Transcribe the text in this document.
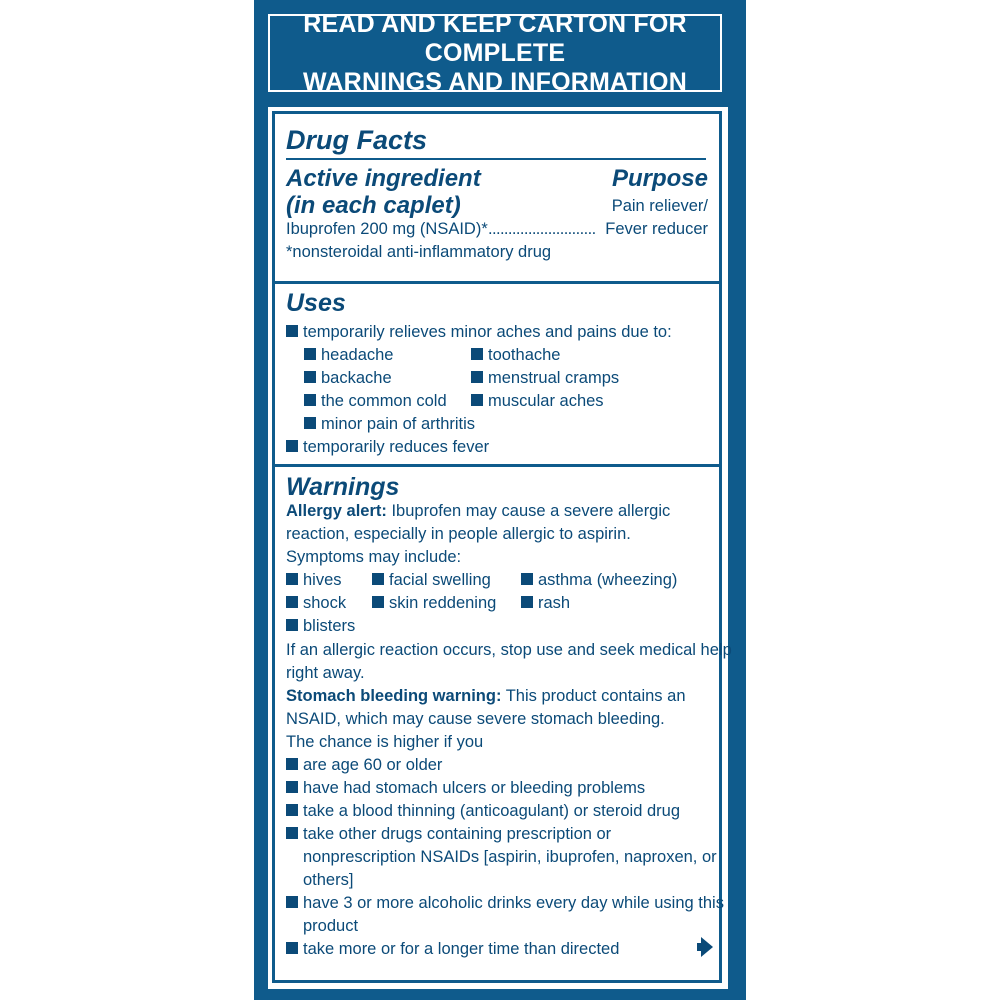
READ AND KEEP CARTON FOR COMPLETE
WARNINGS AND INFORMATION
Drug Facts
Active ingredient
(in each caplet)
Purpose
Pain reliever/
Ibuprofen 200 mg (NSAID)* ........................... Fever reducer
*nonsteroidal anti-inflammatory drug
Uses
temporarily relieves minor aches and pains due to:
headache
backache
the common cold
minor pain of arthritis
toothache
menstrual cramps
muscular aches
temporarily reduces fever
Warnings
Allergy alert: Ibuprofen may cause a severe allergic
reaction, especially in people allergic to aspirin.
Symptoms may include:
hives
shock
blisters
facial swelling
skin reddening
asthma (wheezing)
rash
If an allergic reaction occurs, stop use and seek medical help
right away.
Stomach bleeding warning: This product contains an
NSAID, which may cause severe stomach bleeding.
The chance is higher if you
are age 60 or older
have had stomach ulcers or bleeding problems
take a blood thinning (anticoagulant) or steroid drug
take other drugs containing prescription or
nonprescription NSAIDs [aspirin, ibuprofen, naproxen, or
others]
have 3 or more alcoholic drinks every day while using this
product
take more or for a longer time than directed
